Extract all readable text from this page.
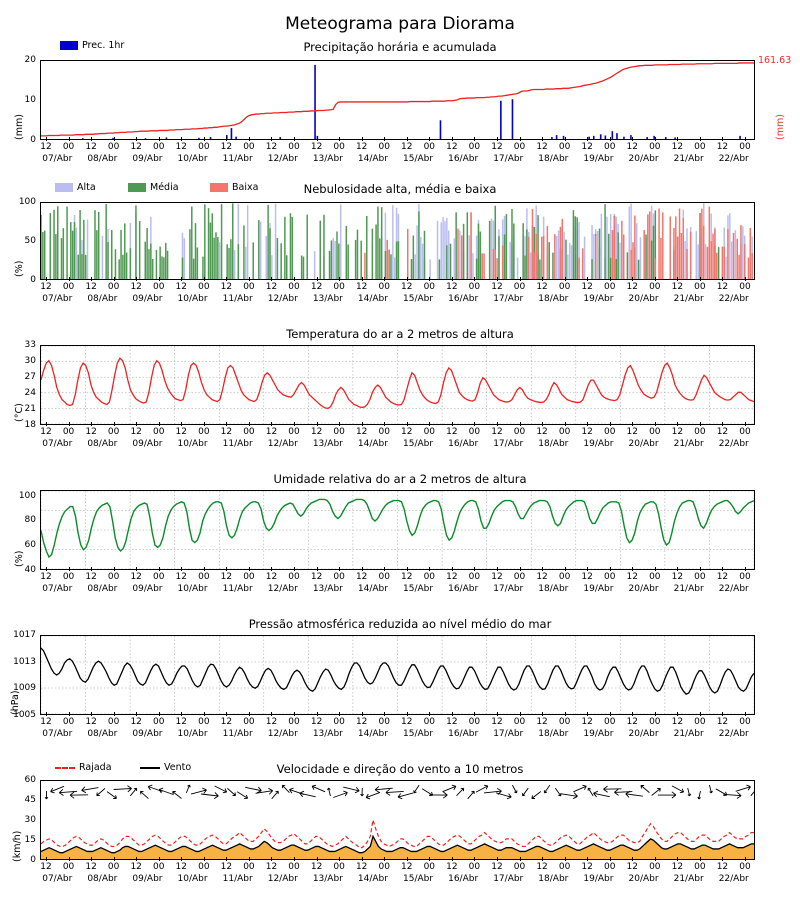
Meteograma para Diorama
Precipitação horária e acumulada
Prec. 1hr
(mm)	(mm)
161.63
20
10
0
12 00 12 00 12 00 12 00 12 00 12 00 12 00 12 00 12 00 12 00 12 00 12 00 12 00 12 00 12 00 12 00
07/Abr 08/Abr 09/Abr 10/Abr 11/Abr 12/Abr 13/Abr 14/Abr 15/Abr 16/Abr 17/Abr 18/Abr 19/Abr 20/Abr 21/Abr 22/Abr
Nebulosidade alta, média e baixa
Alta	Média	Baixa
(%)
100
50
0
12 00 12 00 12 00 12 00 12 00 12 00 12 00 12 00 12 00 12 00 12 00 12 00 12 00 12 00 12 00 12 00
07/Abr 08/Abr 09/Abr 10/Abr 11/Abr 12/Abr 13/Abr 14/Abr 15/Abr 16/Abr 17/Abr 18/Abr 19/Abr 20/Abr 21/Abr 22/Abr
Temperatura do ar a 2 metros de altura
(°C)
33
30
27
24
21
18
12 00 12 00 12 00 12 00 12 00 12 00 12 00 12 00 12 00 12 00 12 00 12 00 12 00 12 00 12 00 12 00
07/Abr 08/Abr 09/Abr 10/Abr 11/Abr 12/Abr 13/Abr 14/Abr 15/Abr 16/Abr 17/Abr 18/Abr 19/Abr 20/Abr 21/Abr 22/Abr
Umidade relativa do ar a 2 metros de altura
(%)
100
80
60
40
12 00 12 00 12 00 12 00 12 00 12 00 12 00 12 00 12 00 12 00 12 00 12 00 12 00 12 00 12 00 12 00
07/Abr 08/Abr 09/Abr 10/Abr 11/Abr 12/Abr 13/Abr 14/Abr 15/Abr 16/Abr 17/Abr 18/Abr 19/Abr 20/Abr 21/Abr 22/Abr
Pressão atmosférica reduzida ao nível médio do mar
(hPa)
1017
1013
1009
1005
12 00 12 00 12 00 12 00 12 00 12 00 12 00 12 00 12 00 12 00 12 00 12 00 12 00 12 00 12 00 12 00
07/Abr 08/Abr 09/Abr 10/Abr 11/Abr 12/Abr 13/Abr 14/Abr 15/Abr 16/Abr 17/Abr 18/Abr 19/Abr 20/Abr 21/Abr 22/Abr
Velocidade e direção do vento a 10 metros
Rajada	Vento
(km/h)
60
45
30
15
0
12 00 12 00 12 00 12 00 12 00 12 00 12 00 12 00 12 00 12 00 12 00 12 00 12 00 12 00 12 00 12 00
07/Abr 08/Abr 09/Abr 10/Abr 11/Abr 12/Abr 13/Abr 14/Abr 15/Abr 16/Abr 17/Abr 18/Abr 19/Abr 20/Abr 21/Abr 22/Abr
